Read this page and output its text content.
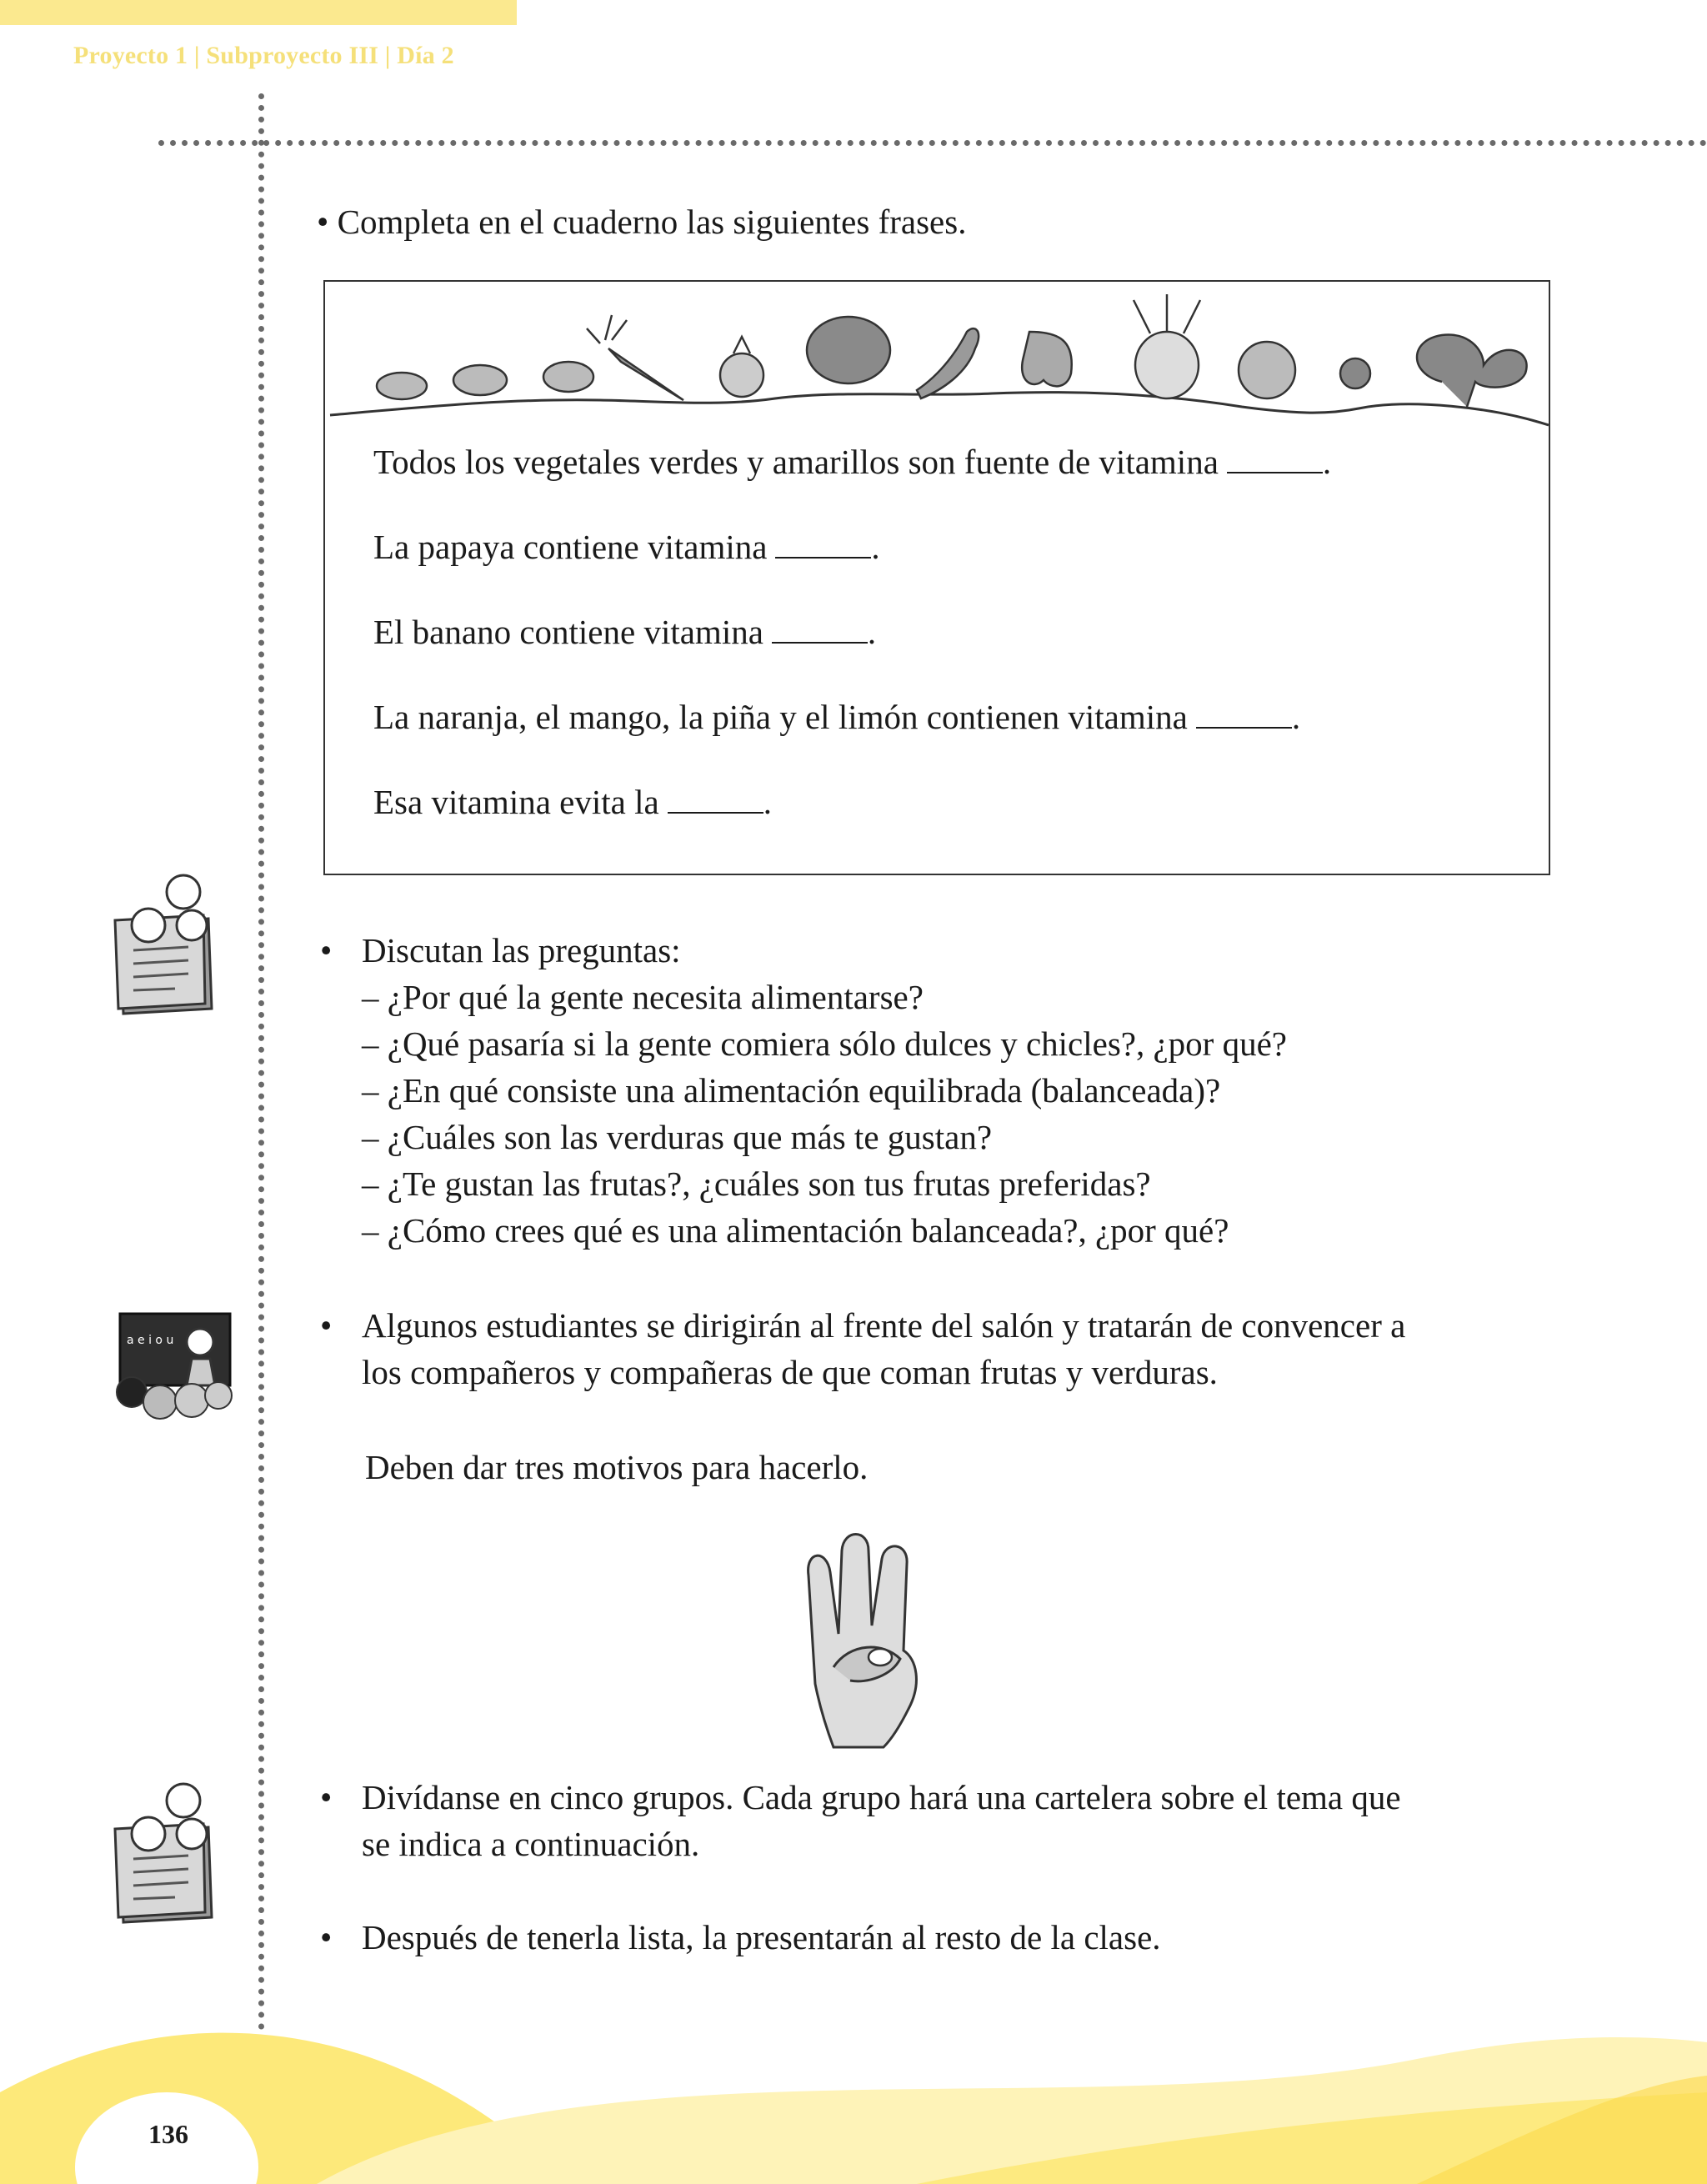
Proyecto 1 | Subproyecto III | Día 2
• Completa en el cuaderno las siguientes frases.
Todos los vegetales verdes y amarillos son fuente de vitamina	.
La papaya contiene vitamina	.
El banano contiene vitamina	.
La naranja, el mango, la piña y el limón contienen vitamina	.
Esa vitamina evita la	.
• Discutan las preguntas:
– ¿Por qué la gente necesita alimentarse?
– ¿Qué pasaría si la gente comiera sólo dulces y chicles?, ¿por qué?
– ¿En qué consiste una alimentación equilibrada (balanceada)?
– ¿Cuáles son las verduras que más te gustan?
– ¿Te gustan las frutas?, ¿cuáles son tus frutas preferidas?
– ¿Cómo crees qué es una alimentación balanceada?, ¿por qué?
a e i o u	• Algunos estudiantes se dirigirán al frente del salón y tratarán de convencer a
los compañeros y compañeras de que coman frutas y verduras.
Deben dar tres motivos para hacerlo.
• Divídanse en cinco grupos. Cada grupo hará una cartelera sobre el tema que
se indica a continuación.
• Después de tenerla lista, la presentarán al resto de la clase.
136
